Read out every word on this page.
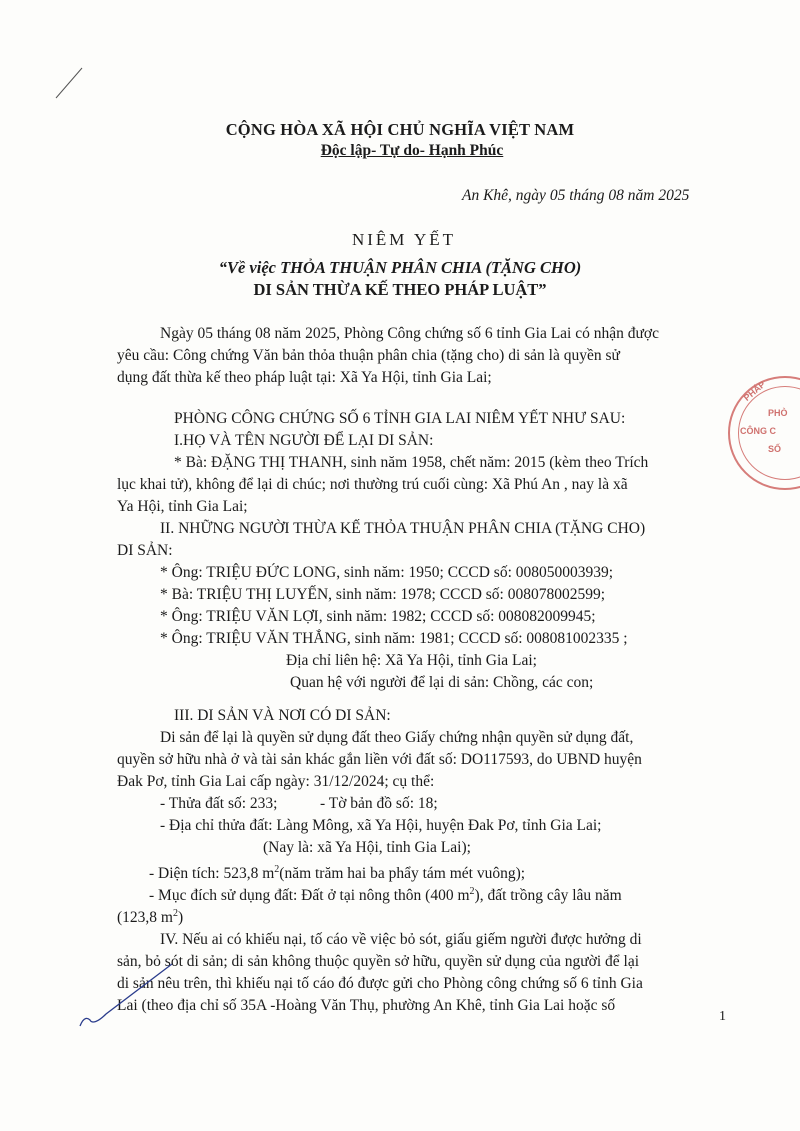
CỘNG HÒA XÃ HỘI CHỦ NGHĨA VIỆT NAM
Độc lập- Tự do- Hạnh Phúc
An Khê, ngày 05 tháng 08 năm 2025
NIÊM YẾT
“Về việc THỎA THUẬN PHÂN CHIA (TẶNG CHO)
DI SẢN THỪA KẾ THEO PHÁP LUẬT”
Ngày 05 tháng 08 năm 2025, Phòng Công chứng số 6 tỉnh Gia Lai có nhận được
yêu cầu: Công chứng Văn bản thỏa thuận phân chia (tặng cho) di sản là quyền sử
dụng đất thừa kế theo pháp luật tại: Xã Ya Hội, tỉnh Gia Lai;
PHÒNG CÔNG CHỨNG SỐ 6 TỈNH GIA LAI NIÊM YẾT NHƯ SAU:
I.HỌ VÀ TÊN NGƯỜI ĐỂ LẠI DI SẢN:
* Bà: ĐẶNG THỊ THANH, sinh năm 1958, chết năm: 2015 (kèm theo Trích
lục khai tử), không để lại di chúc; nơi thường trú cuối cùng: Xã Phú An , nay là xã
Ya Hội, tỉnh Gia Lai;
II. NHỮNG NGƯỜI THỪA KẾ THỎA THUẬN PHÂN CHIA (TẶNG CHO)
DI SẢN:
* Ông: TRIỆU ĐỨC LONG, sinh năm: 1950; CCCD số: 008050003939;
* Bà: TRIỆU THỊ LUYẾN, sinh năm: 1978; CCCD số: 008078002599;
* Ông: TRIỆU VĂN LỢI, sinh năm: 1982; CCCD số: 008082009945;
* Ông: TRIỆU VĂN THẮNG, sinh năm: 1981; CCCD số: 008081002335 ;
Địa chỉ liên hệ: Xã Ya Hội, tỉnh Gia Lai;
Quan hệ với người để lại di sản: Chồng, các con;
III. DI SẢN VÀ NƠI CÓ DI SẢN:
Di sản để lại là quyền sử dụng đất theo Giấy chứng nhận quyền sử dụng đất,
quyền sở hữu nhà ở và tài sản khác gắn liền với đất số: DO117593, do UBND huyện
Đak Pơ, tỉnh Gia Lai cấp ngày: 31/12/2024; cụ thể:
- Thửa đất số: 233;	- Tờ bản đồ số: 18;
- Địa chỉ thửa đất: Làng Mông, xã Ya Hội, huyện Đak Pơ, tỉnh Gia Lai;
(Nay là: xã Ya Hội, tỉnh Gia Lai);
- Diện tích: 523,8 $m^2(năm$ trăm hai ba phẩy tám mét vuông);
- Mục đích sử dụng đất: Đất ở tại nông thôn (400 $m^2$), đất trồng cây lâu năm
(123,8 $m^2$)
IV. Nếu ai có khiếu nại, tố cáo về việc bỏ sót, giấu giếm người được hưởng di
sản, bỏ sót di sản; di sản không thuộc quyền sở hữu, quyền sử dụng của người để lại
di sản nêu trên, thì khiếu nại tố cáo đó được gửi cho Phòng công chứng số 6 tỉnh Gia
Lai (theo địa chỉ số 35A -Hoàng Văn Thụ, phường An Khê, tỉnh Gia Lai hoặc số
1
PHÁP
PHÒ
CÔNG C
SỐ
